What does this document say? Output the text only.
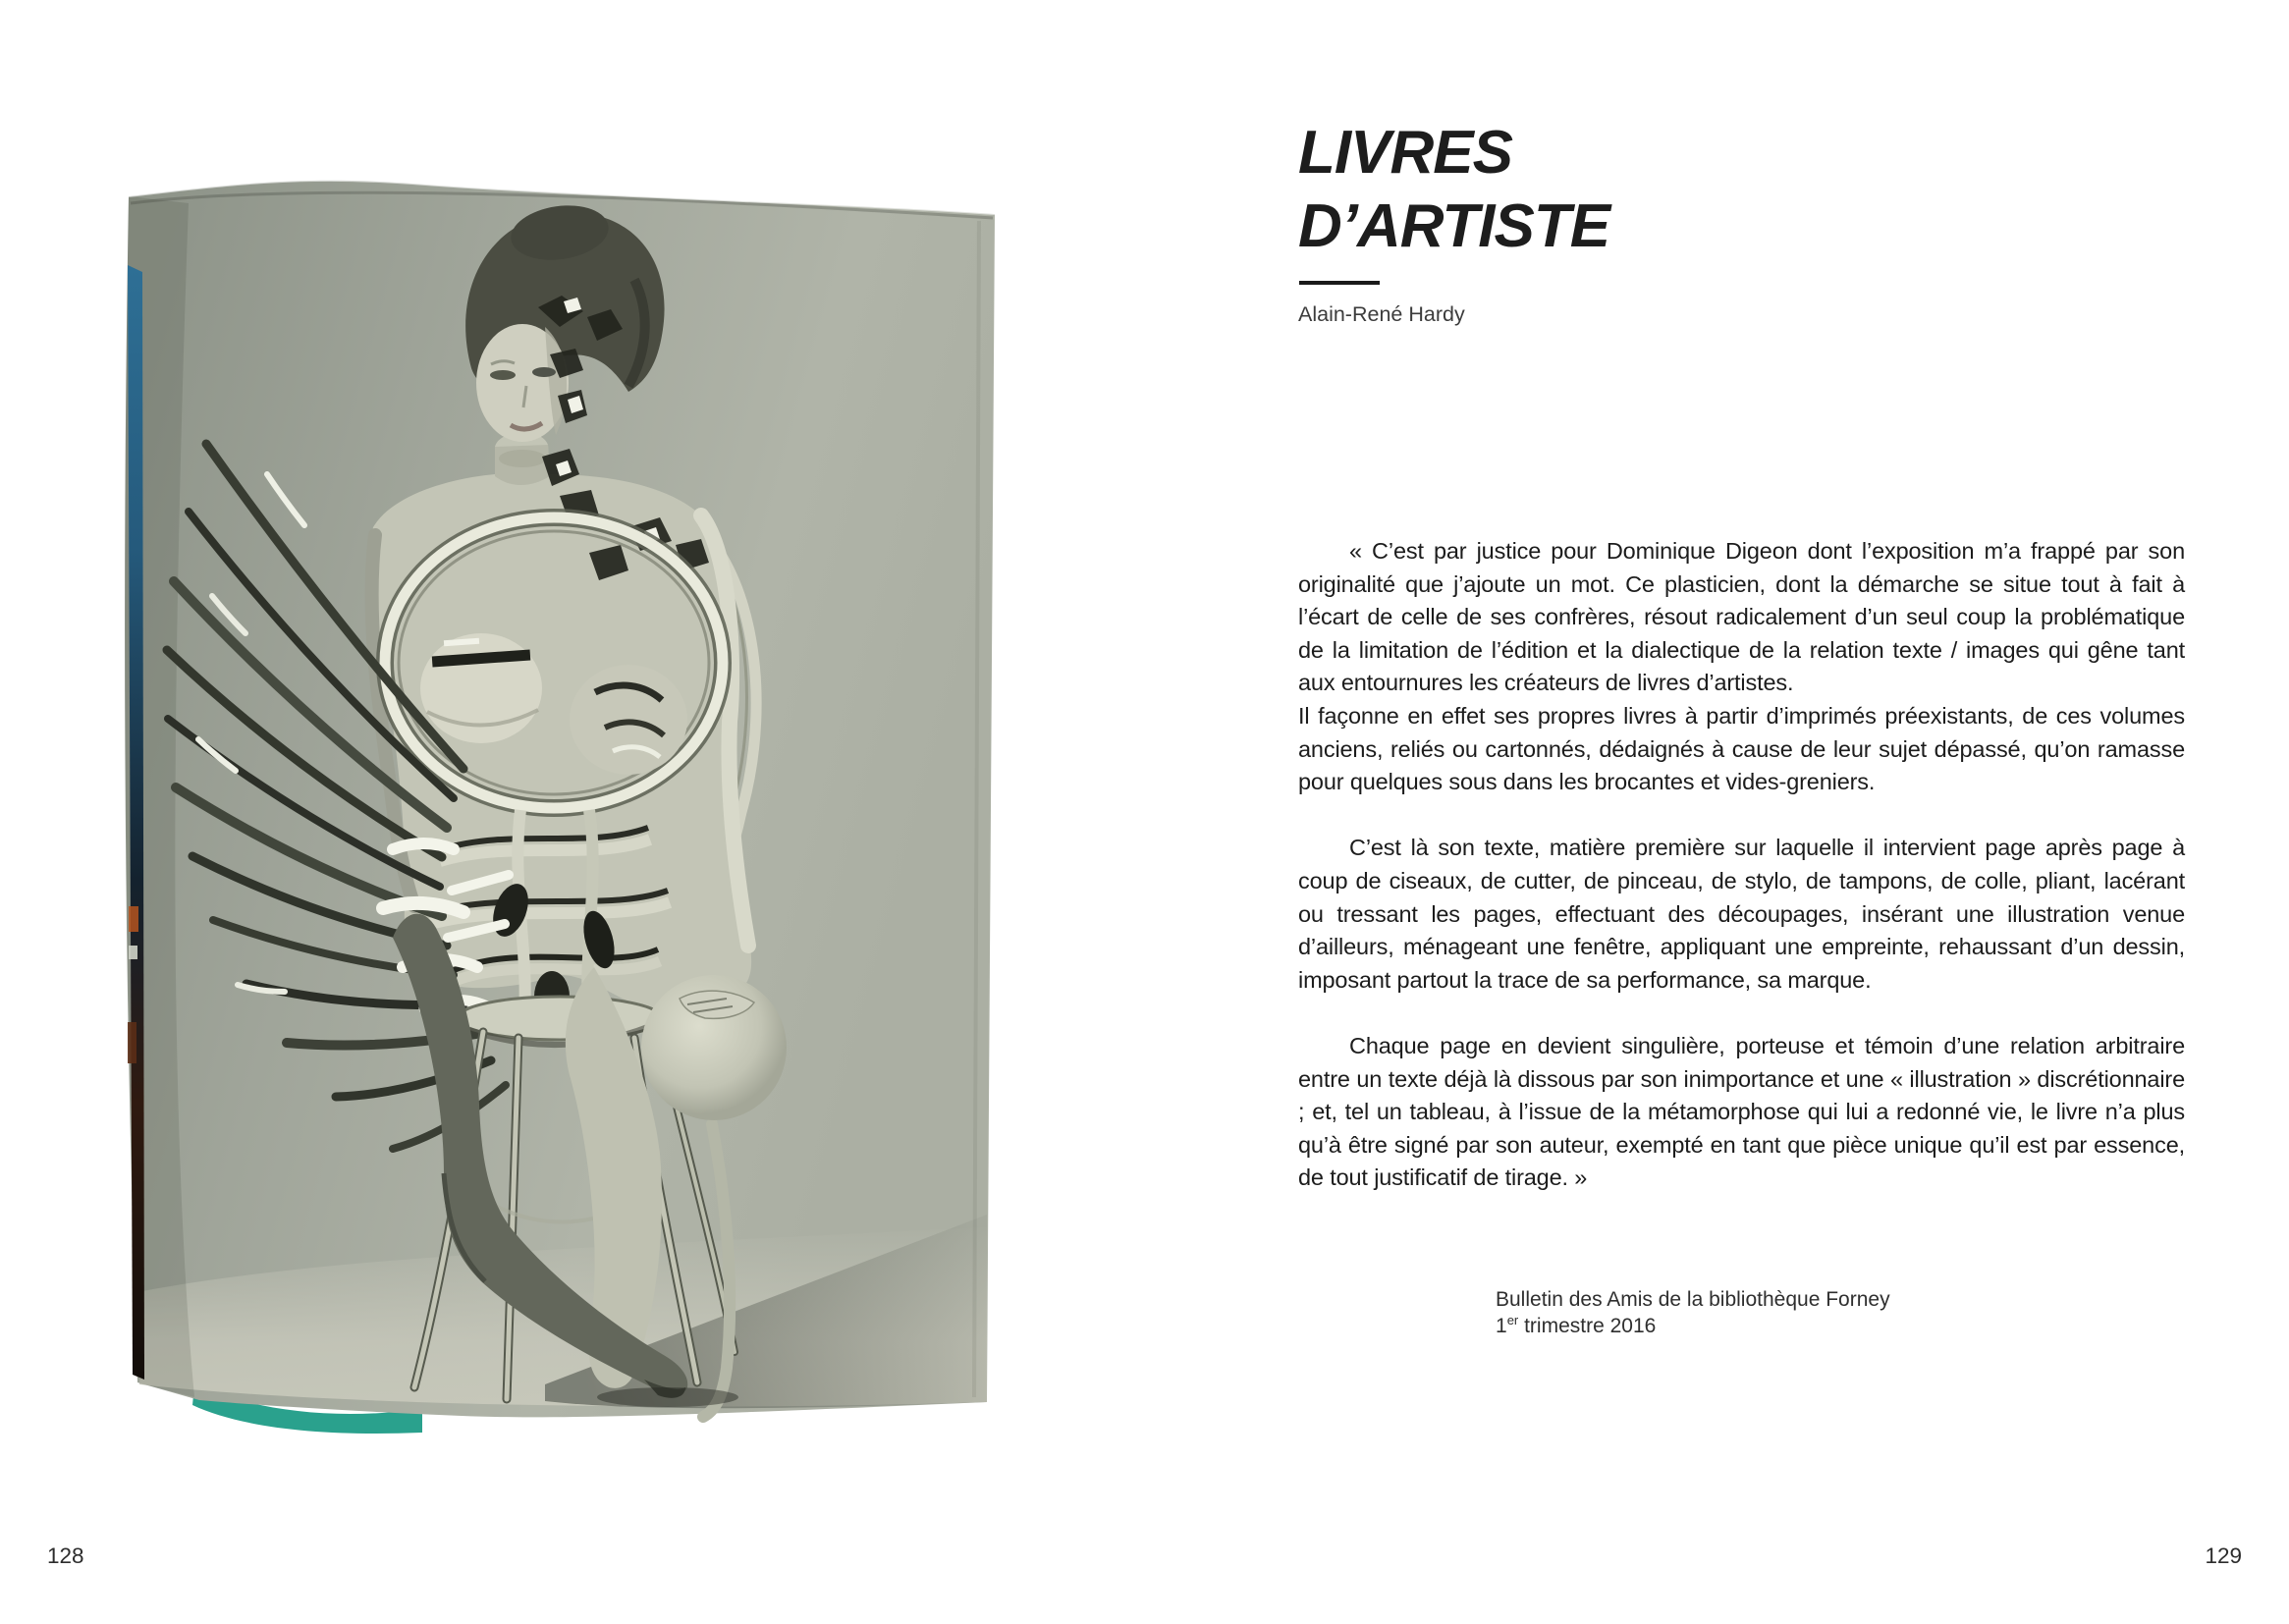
LIVRES
D’ARTISTE
Alain-René Hardy

« C’est par justice pour Dominique Digeon dont l’exposition m’a frappé par son originalité que j’ajoute un mot. Ce plasticien, dont la démarche se situe tout à fait à l’écart de celle de ses confrères, résout radicalement d’un seul coup la problématique de la limitation de l’édition et la dialectique de la relation texte / images qui gêne tant aux entournures les créateurs de livres d’artistes.

Il façonne en effet ses propres livres à partir d’imprimés préexistants, de ces volumes anciens, reliés ou cartonnés, dédaignés à cause de leur sujet dépassé, qu’on ramasse pour quelques sous dans les brocantes et vides-greniers.

C’est là son texte, matière première sur laquelle il intervient page après page à coup de ciseaux, de cutter, de pinceau, de stylo, de tampons, de colle, pliant, lacérant ou tressant les pages, effectuant des découpages, insérant une illustration venue d’ailleurs, ménageant une fenêtre, appliquant une empreinte, rehaussant d’un dessin, imposant partout la trace de sa performance, sa marque.

Chaque page en devient singulière, porteuse et témoin d’une relation arbitraire entre un texte déjà là dissous par son inimportance et une « illustration » discrétionnaire ; et, tel un tableau, à l’issue de la métamorphose qui lui a redonné vie, le livre n’a plus qu’à être signé par son auteur, exempté en tant que pièce unique qu’il est par essence, de tout justificatif de tirage. »

Bulletin des Amis de la bibliothèque Forney
1er trimestre 2016
128	129
